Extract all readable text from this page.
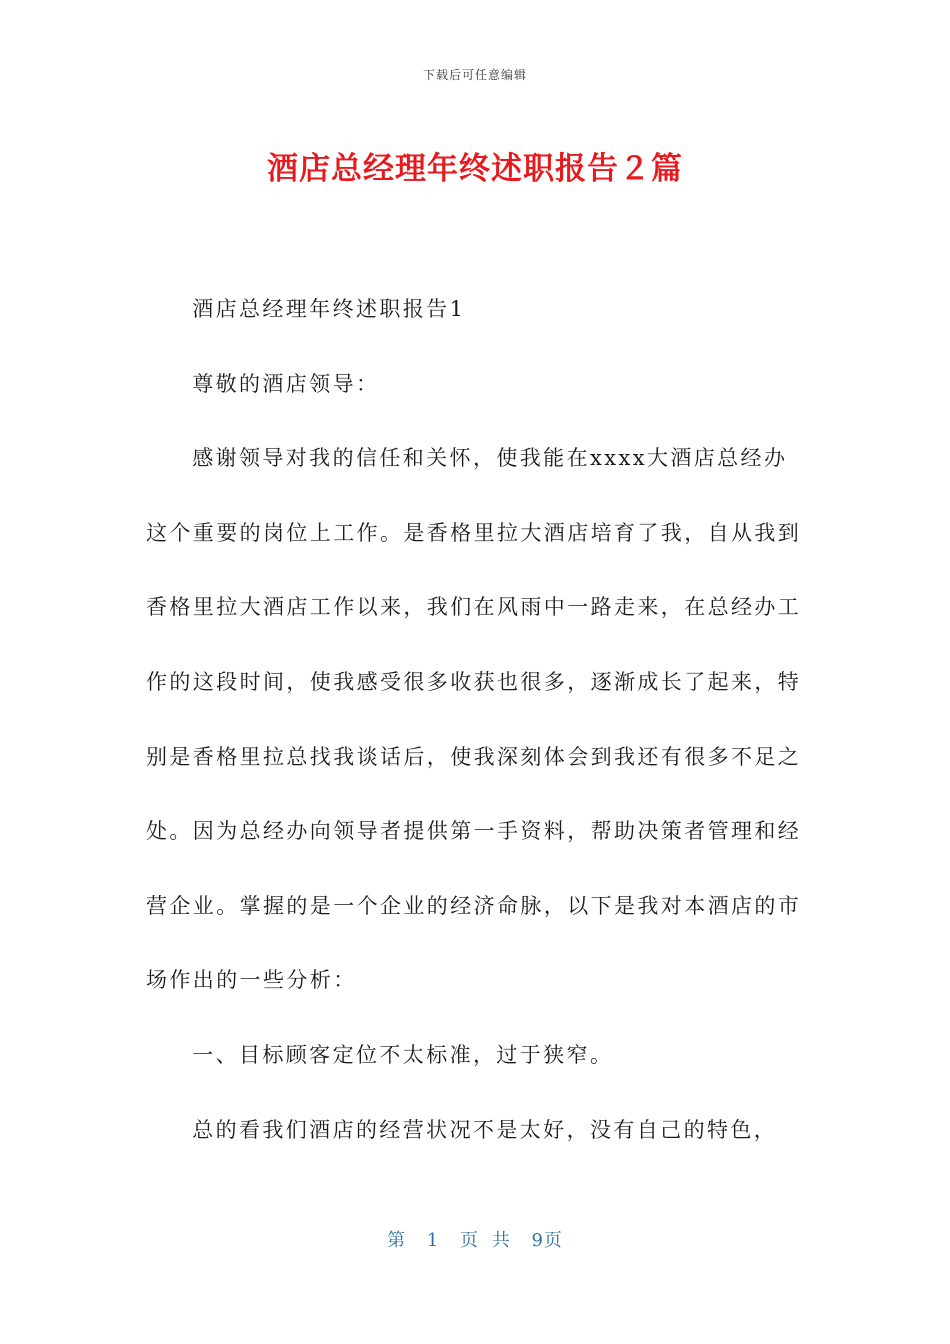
下载后可任意编辑
酒店总经理年终述职报告２篇

酒店总经理年终述职报告1

尊敬的酒店领导：

感谢领导对我的信任和关怀，使我能在xxxx大酒店总经办这个重要的岗位上工作。是香格里拉大酒店培育了我，自从我到香格里拉大酒店工作以来，我们在风雨中一路走来，在总经办工作的这段时间，使我感受很多收获也很多，逐渐成长了起来，特别是香格里拉总找我谈话后，使我深刻体会到我还有很多不足之处。因为总经办向领导者提供第一手资料，帮助决策者管理和经营企业。掌握的是一个企业的经济命脉，以下是我对本酒店的市场作出的一些分析：

一、目标顾客定位不太标准，过于狭窄。

总的看我们酒店的经营状况不是太好，没有自己的特色，

第 1 页 共 9页
